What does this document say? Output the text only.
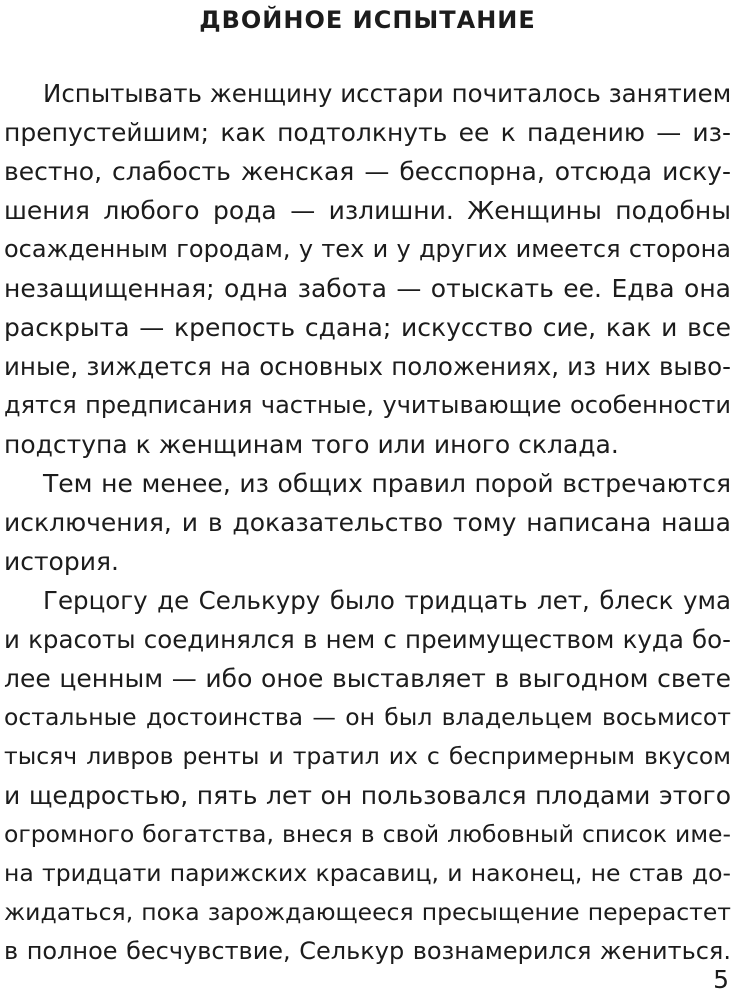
ДВОЙНОЕ ИСПЫТАНИЕ
Испытывать женщину исстари почиталось занятием
препустейшим; как подтолкнуть ее к падению — из-
вестно, слабость женская — бесспорна, отсюда иску-
шения любого рода — излишни. Женщины подобны
осажденным городам, у тех и у других имеется сторона
незащищенная; одна забота — отыскать ее. Едва она
раскрыта — крепость сдана; искусство сие, как и все
иные, зиждется на основных положениях, из них выво-
дятся предписания частные, учитывающие особенности
подступа к женщинам того или иного склада.
Тем не менее, из общих правил порой встречаются
исключения, и в доказательство тому написана наша
история.
Герцогу де Селькуру было тридцать лет, блеск ума
и красоты соединялся в нем с преимуществом куда бо-
лее ценным — ибо оное выставляет в выгодном свете
остальные достоинства — он был владельцем восьмисот
тысяч ливров ренты и тратил их с беспримерным вкусом
и щедростью, пять лет он пользовался плодами этого
огромного богатства, внеся в свой любовный список име-
на тридцати парижских красавиц, и наконец, не став до-
жидаться, пока зарождающееся пресыщение перерастет
в полное бесчувствие, Селькур вознамерился жениться.
5
